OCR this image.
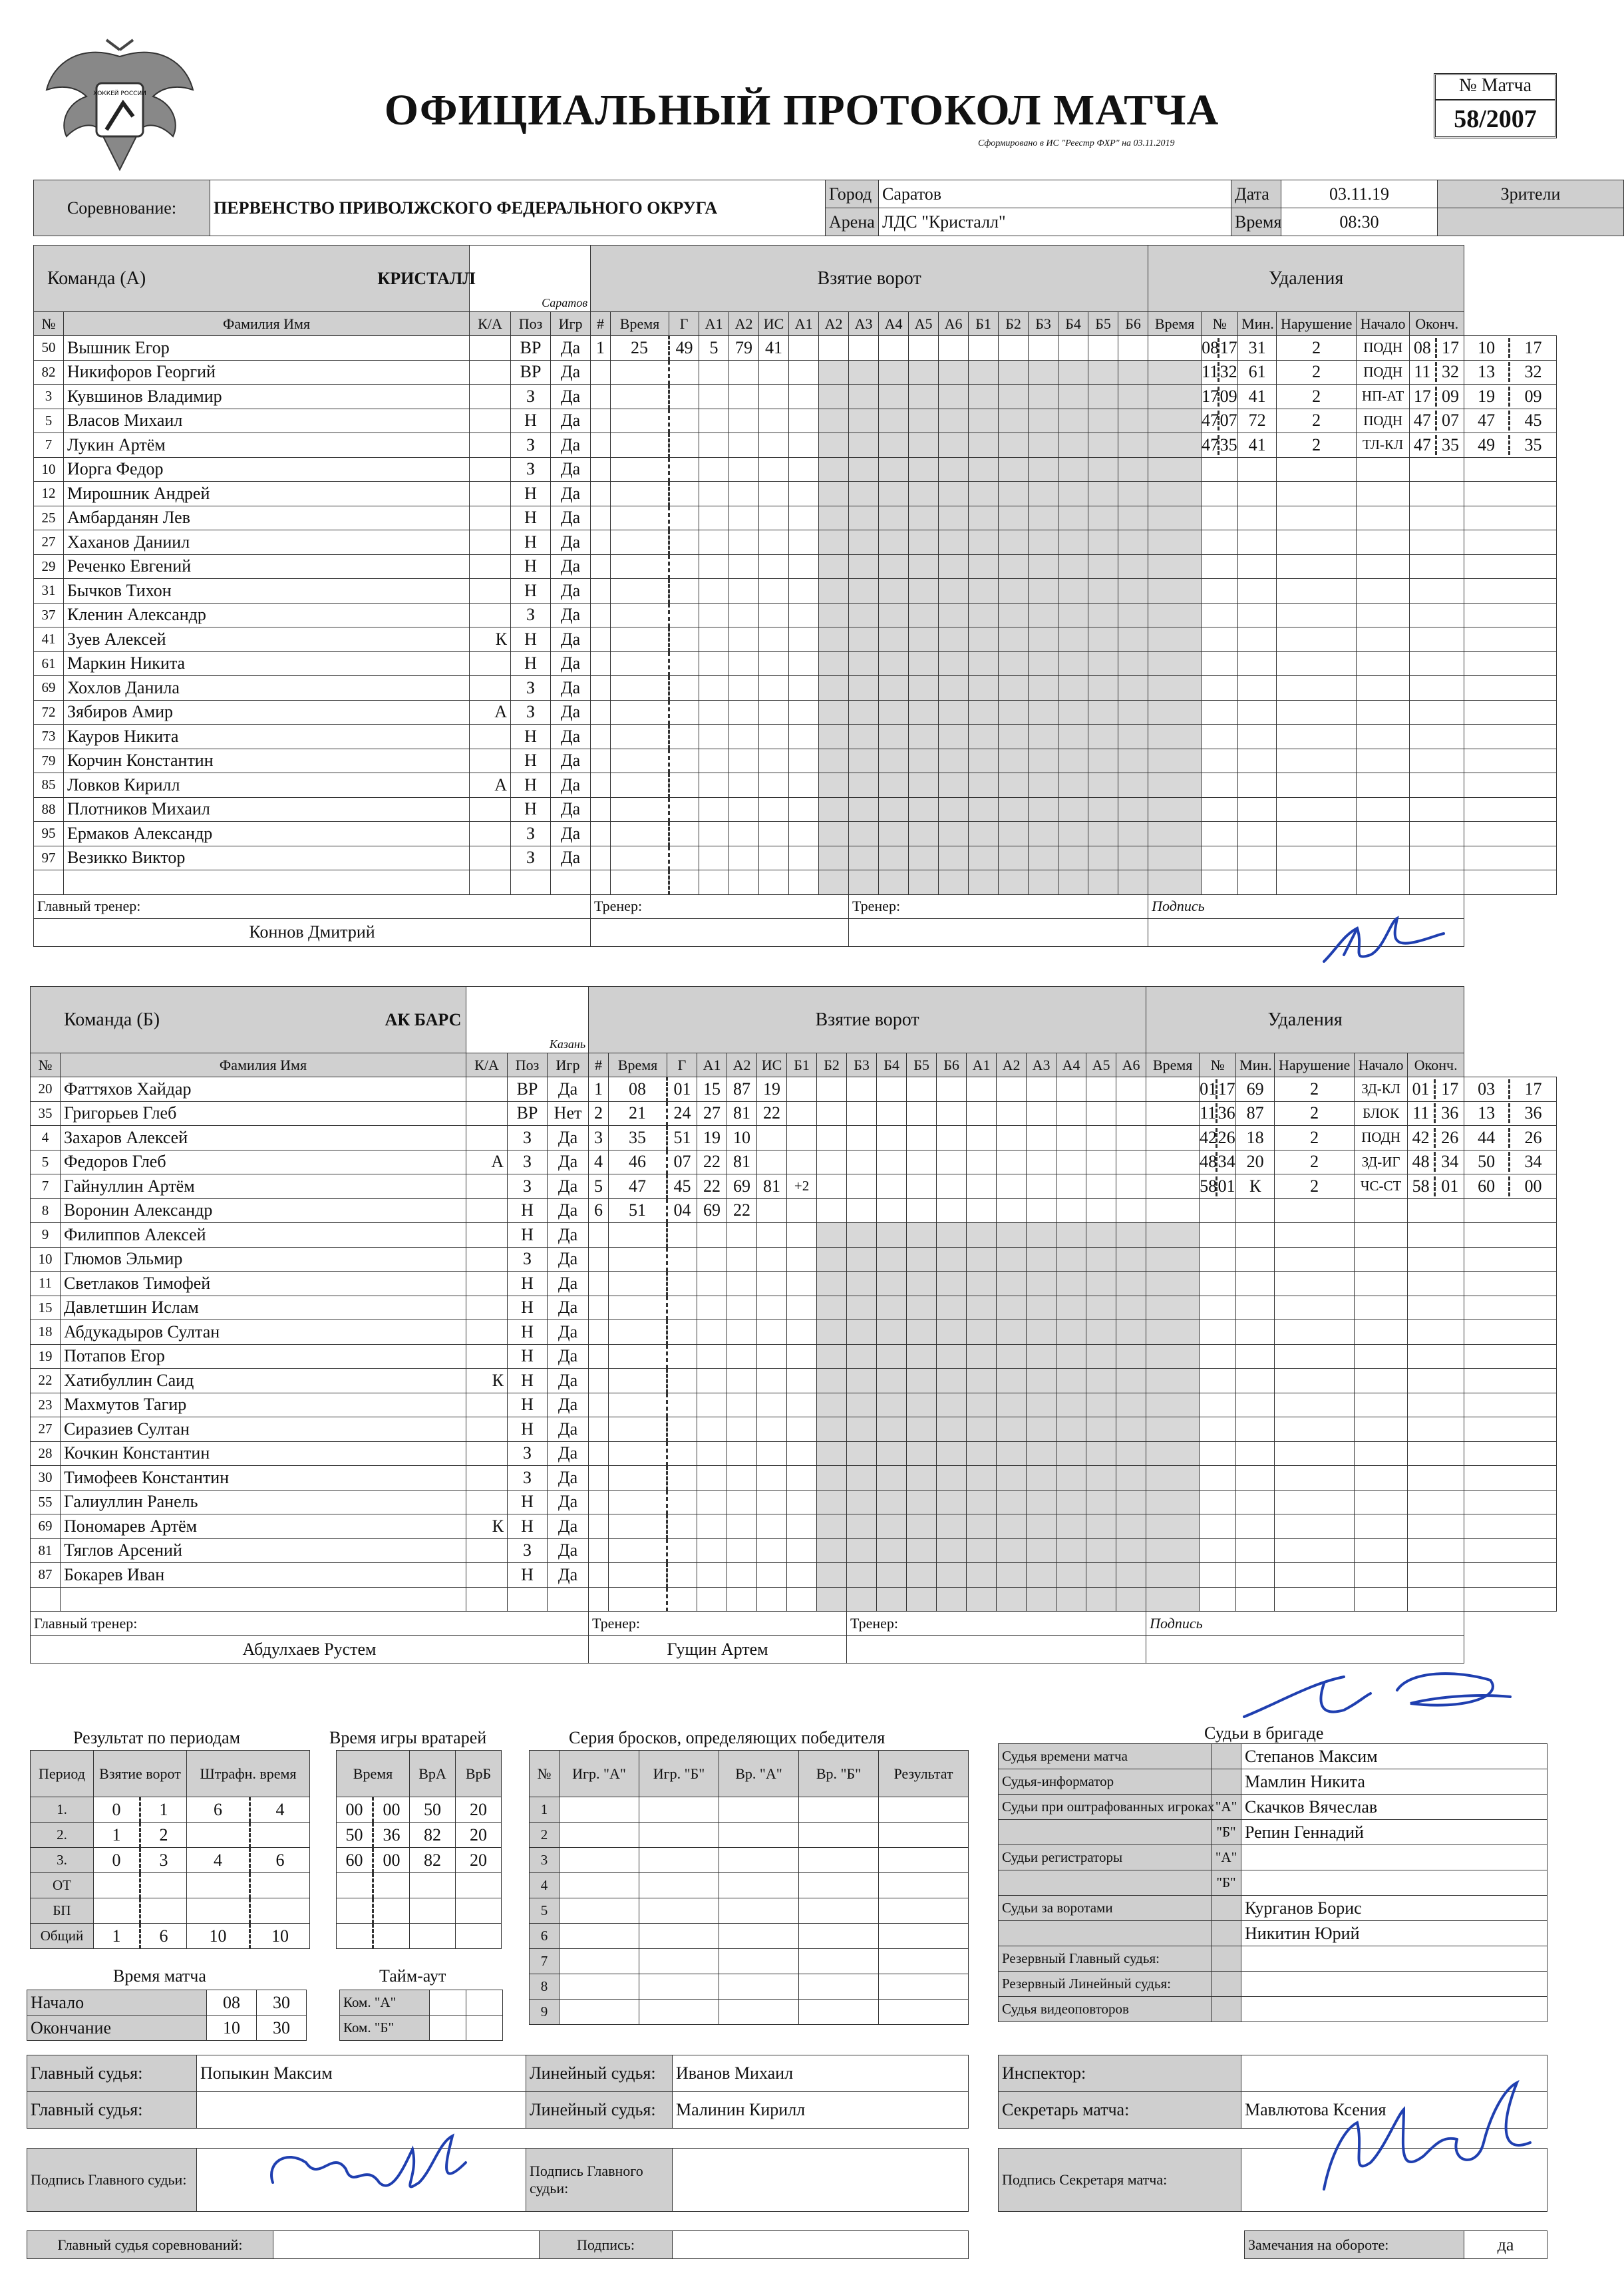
ХОККЕЙ РОССИИ	ОФИЦИАЛЬНЫЙ ПРОТОКОЛ МАТЧА
Сформировано в ИС "Реестр ФХР" на 03.11.2019
№ Матча
58/2007
Соревнование:	ПЕРВЕНСТВО ПРИВОЛЖСКОГО ФЕДЕРАЛЬНОГО ОКРУГА	Город	Саратов	Дата	03.11.19	Зрители
		Арена	ЛДС "Кристалл"	Время	08:30	
Команда (А)		КРИСТАЛЛ
Саратов			Взятие ворот																		Удаления						
№	Фамилия Имя	К/А	Поз	Игр	#	Время	Г	А1	А2	ИС	А1	А2	А3	А4	А5	А6	Б1	Б2	Б3	Б4	Б5	Б6	Время	№	Мин.	Нарушение	Начало	Оконч.	
50	Вышник Егор		ВР	Да	1	25	49	5	79	41														0817	31	2	ПОДН	08 17	10 17
82	Никифоров Георгий		ВР	Да																				1132	61	2	ПОДН	11 32	13 32
3	Кувшинов Владимир		З	Да																				1709	41	2	НП-АТ	17 09	19 09
5	Власов Михаил		Н	Да																				4707	72	2	ПОДН	47 07	47 45
7	Лукин Артём		З	Да																				4735	41	2	ТЛ-КЛ	47 35	49 35
10	Иорга Федор		З	Да																									
12	Мирошник Андрей		Н	Да																									
25	Амбарданян Лев		Н	Да																									
27	Хаханов Даниил		Н	Да																									
29	Реченко Евгений		Н	Да																									
31	Бычков Тихон		Н	Да																									
37	Кленин Александр		З	Да																									
41	Зуев Алексей	К	Н	Да																									
61	Маркин Никита		Н	Да																									
69	Хохлов Данила		З	Да																									
72	Зябиров Амир	А	З	Да																									
73	Кауров Никита		Н	Да																									
79	Корчин Константин		Н	Да																									
85	Ловков Кирилл	А	Н	Да																									
88	Плотников Михаил		Н	Да																									
95	Ермаков Александр		З	Да																									
97	Везикко Виктор		З	Да																									

Главный тренер:					Тренер:								Тренер:										Подпись						
Коннов Дмитрий																													
Команда (Б)		АК БАРС
Казань			Взятие ворот																		Удаления						
№	Фамилия Имя	К/А	Поз	Игр	#	Время	Г	А1	А2	ИС	Б1	Б2	Б3	Б4	Б5	Б6	А1	А2	А3	А4	А5	А6	Время	№	Мин.	Нарушение	Начало	Оконч.	
20	Фаттяхов Хайдар		ВР	Да	1	08	01	15	87	19														0117	69	2	ЗД-КЛ	01 17	03 17
35	Григорьев Глеб		ВР	Нет	2	21	24	27	81	22														1136	87	2	БЛОК	11 36	13 36
4	Захаров Алексей		З	Да	3	35	51	19	10															4226	18	2	ПОДН	42 26	44 26
5	Федоров Глеб	А	З	Да	4	46	07	22	81															4834	20	2	ЗД-ИГ	48 34	50 34
7	Гайнуллин Артём		З	Да	5	47	45	22	69	81	+2													5801	К	2	ЧС-СТ	58 01	60 00
8	Воронин Александр		Н	Да	6	51	04	69	22																				
9	Филиппов Алексей		Н	Да																									
10	Глюмов Эльмир		З	Да																									
11	Светлаков Тимофей		Н	Да																									
15	Давлетшин Ислам		Н	Да																									
18	Абдукадыров Султан		Н	Да																									
19	Потапов Егор		Н	Да																									
22	Хатибуллин Саид	К	Н	Да																									
23	Махмутов Тагир		Н	Да																									
27	Сиразиев Султан		Н	Да																									
28	Кочкин Константин		З	Да																									
30	Тимофеев Константин		З	Да																									
55	Галиуллин Ранель		Н	Да																									
69	Пономарев Артём	К	Н	Да																									
81	Тяглов Арсений		З	Да																									
87	Бокарев Иван		Н	Да																									

Главный тренер:					Тренер:								Тренер:										Подпись						
Абдулхаев Рустем					Гущин Артем																								
Результат по периодам
Период	Взятие ворот		Штрафн. время	
1.	0	1	6	4
2.	1	2		
3.	0	3	4	6
ОТ				
БП				
Общий	1	6	10	10
Время игры вратарей
Время		ВрА	ВрБ
00	00	50	20
50	36	82	20
60	00	82	20

Серия бросков, определяющих победителя
№	Игр. "А"	Игр. "Б"	Вр. "А"	Вр. "Б"	Результат
1					
2					
3					
4					
5					
6					
7					
8					
9					
Время матча
Начало	08	30
Окончание	10	30
Тайм-аут
Ком. "А"		
Ком. "Б"		
Судьи в бригаде
Судья времени матча		Степанов Максим
Судья-информатор		Мамлин Никита
Судьи при оштрафованных игроках	"А"	Скачков Вячеслав
	"Б"	Репин Геннадий
Судьи регистраторы	"А"	
	"Б"	
Судьи за воротами		Курганов Борис
		Никитин Юрий
Резервный Главный судья:		
Резервный Линейный судья:		
Судья видеоповторов		
Главный судья:	Попыкин Максим	Линейный судья:	Иванов Михаил
Главный судья:		Линейный судья:	Малинин Кирилл
Инспектор:	
Секретарь матча:	Мавлютова Ксения
Подпись Главного судьи:		Подпись Главного судьи:	
Подпись Секретаря матча:	
Главный судья соревнований:		Подпись:		Замечания на обороте:	да
